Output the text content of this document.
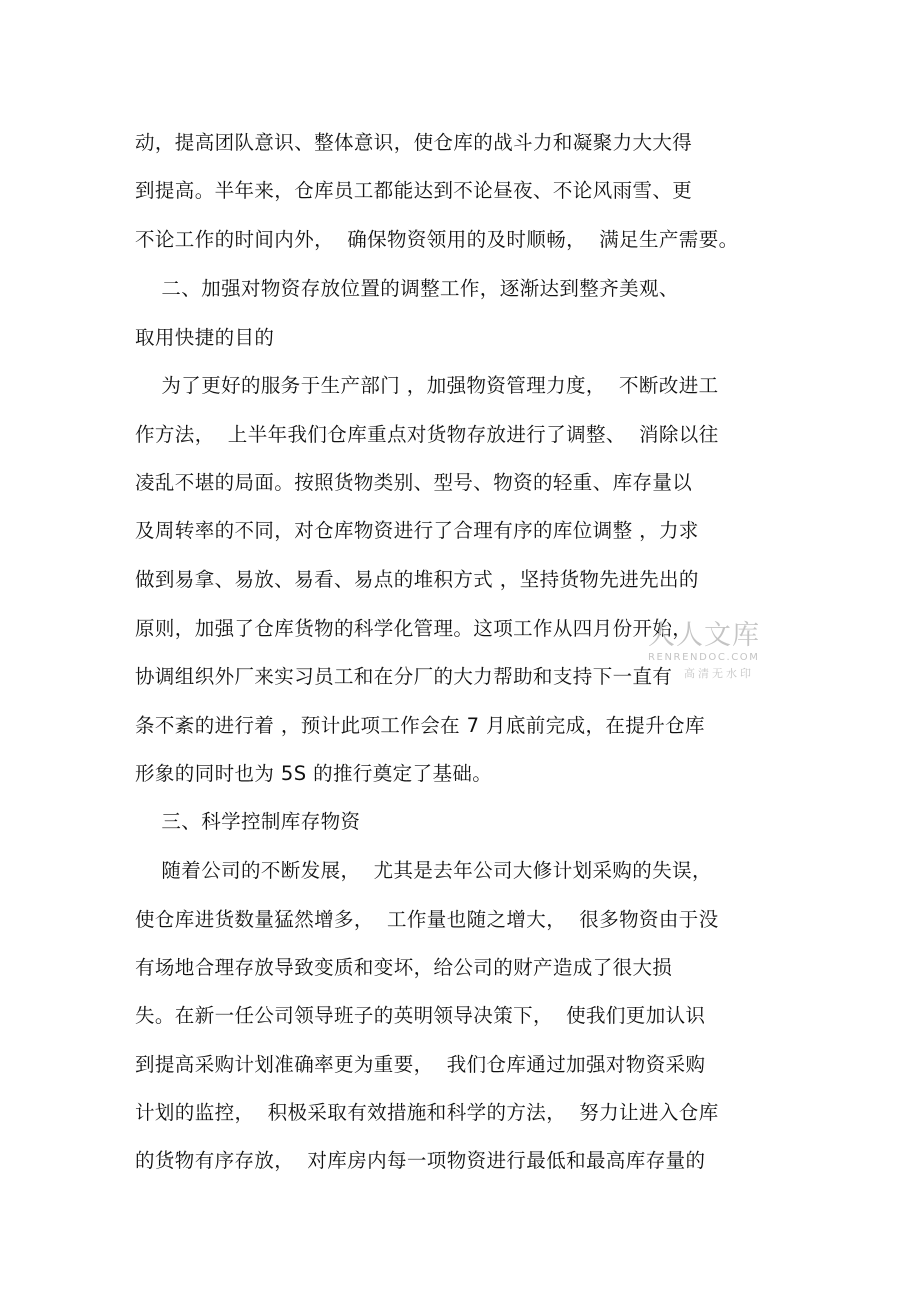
动，提高团队意识、整体意识，使仓库的战斗力和凝聚力大大得
到提高。半年来，仓库员工都能达到不论昼夜、不论风雨雪、更
不论工作的时间内外，  确保物资领用的及时顺畅，  满足生产需要。
二、加强对物资存放位置的调整工作，逐渐达到整齐美观、
取用快捷的目的
为了更好的服务于生产部门 ，加强物资管理力度，  不断改进工
作方法，  上半年我们仓库重点对货物存放进行了调整、  消除以往
凌乱不堪的局面。按照货物类别、型号、物资的轻重、库存量以
及周转率的不同，对仓库物资进行了合理有序的库位调整 ，力求
做到易拿、易放、易看、易点的堆积方式 ，坚持货物先进先出的
原则，加强了仓库货物的科学化管理。这项工作从四月份开始，
协调组织外厂来实习员工和在分厂的大力帮助和支持下一直有
条不紊的进行着 ，预计此项工作会在 7 月底前完成，在提升仓库
形象的同时也为 5S 的推行奠定了基础。
三、科学控制库存物资
随着公司的不断发展，  尤其是去年公司大修计划采购的失误，
使仓库进货数量猛然增多，  工作量也随之增大，  很多物资由于没
有场地合理存放导致变质和变坏，给公司的财产造成了很大损
失。在新一任公司领导班子的英明领导决策下，  使我们更加认识
到提高采购计划准确率更为重要，  我们仓库通过加强对物资采购
计划的监控，  积极采取有效措施和科学的方法，  努力让进入仓库
的货物有序存放，  对库房内每一项物资进行最低和最高库存量的
人人文库
RENRENDOC.COM
高清无水印
